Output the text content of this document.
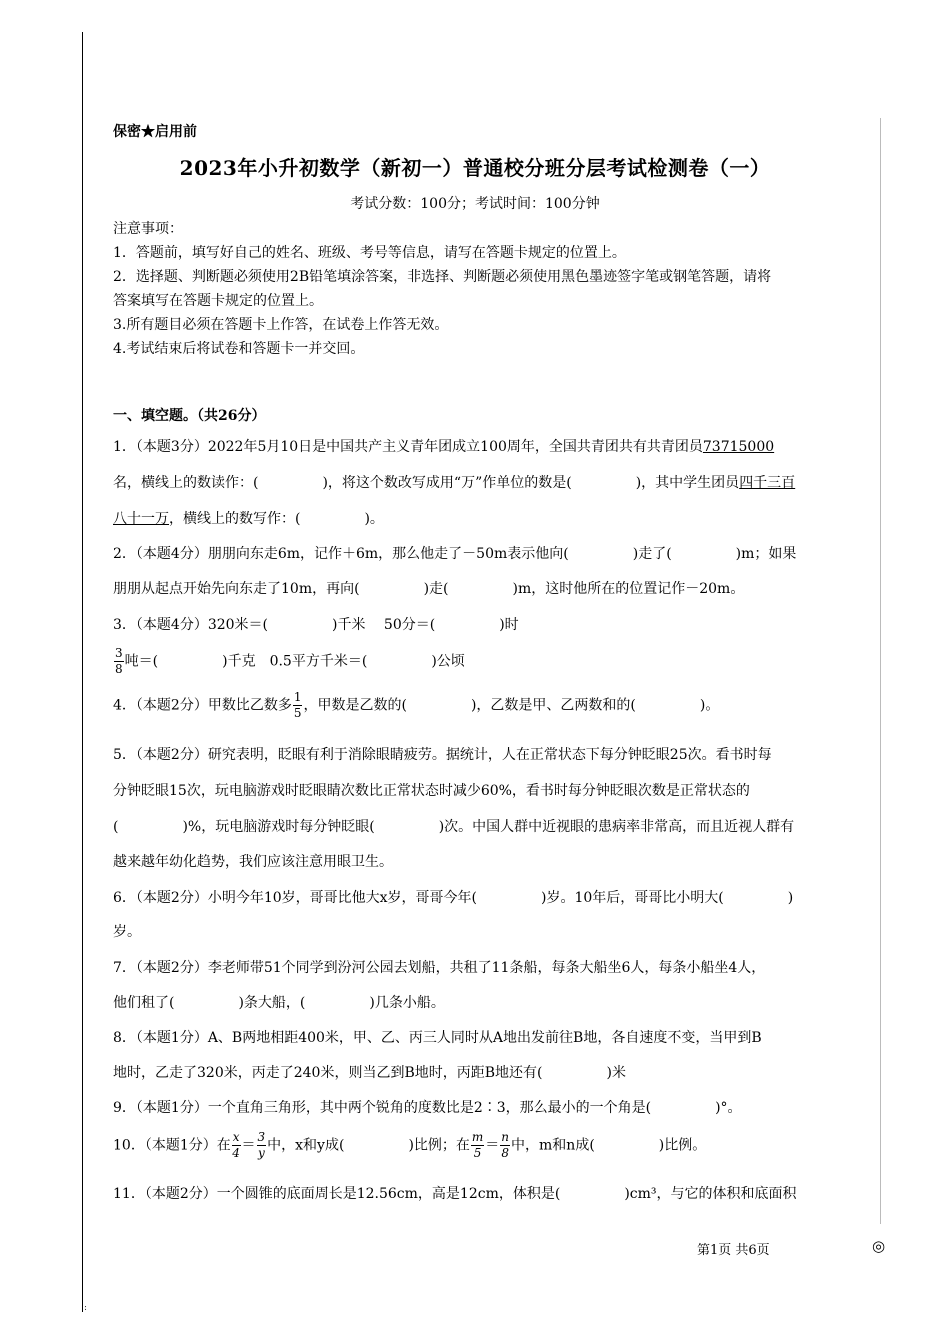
ː
保密★启用前
2023年小升初数学（新初一）普通校分班分层考试检测卷（一）
考试分数：100分；考试时间：100分钟
注意事项：
1．答题前，填写好自己的姓名、班级、考号等信息，请写在答题卡规定的位置上。
2．选择题、判断题必须使用2B铅笔填涂答案，非选择、判断题必须使用黑色墨迹签字笔或钢笔答题，请将
答案填写在答题卡规定的位置上。
3.所有题目必须在答题卡上作答，在试卷上作答无效。
4.考试结束后将试卷和答题卡一并交回。
一、填空题。（共26分）
1．（本题3分）2022年5月10日是中国共产主义青年团成立100周年，全国共青团共有共青团员73715000
名，横线上的数读作：(	)，将这个数改写成用“万”作单位的数是(	)，其中学生团员四千三百
八十一万，横线上的数写作：(	)。
2．（本题4分）朋朋向东走6m，记作＋6m，那么他走了－50m表示他向(	)走了(	)m；如果
朋朋从起点开始先向东走了10m，再向(	)走(	)m，这时他所在的位置记作－20m。
3．（本题4分）320米＝(	)千米　 50分＝(	)时
$\frac{3}{8}$ 吨＝(	)千克　0.5平方千米＝(	)公顷
4．（本题2分）甲数比乙数多 $\frac{1}{5}$ ，甲数是乙数的(	)，乙数是甲、乙两数和的(	)。
5．（本题2分）研究表明，眨眼有利于消除眼睛疲劳。据统计，人在正常状态下每分钟眨眼25次。看书时每
分钟眨眼15次，玩电脑游戏时眨眼睛次数比正常状态时减少60%，看书时每分钟眨眼次数是正常状态的
(	)%，玩电脑游戏时每分钟眨眼(	)次。中国人群中近视眼的患病率非常高，而且近视人群有
越来越年幼化趋势，我们应该注意用眼卫生。
6．（本题2分）小明今年10岁，哥哥比他大x岁，哥哥今年(	)岁。10年后，哥哥比小明大(	)
岁。
7．（本题2分）李老师带51个同学到汾河公园去划船，共租了11条船，每条大船坐6人，每条小船坐4人，
他们租了(	)条大船，(	)几条小船。
8．（本题1分）A、B两地相距400米，甲、乙、丙三人同时从A地出发前往B地，各自速度不变，当甲到B
地时，乙走了320米，丙走了240米，则当乙到B地时，丙距B地还有(	)米
9．（本题1分）一个直角三角形，其中两个锐角的度数比是2∶3，那么最小的一个角是(	)°。
10．（本题1分）在 $\frac{x}{4} = \frac{3}{y}$ 中，x和y成(	)比例；在 $\frac{m}{5} = \frac{n}{8}$ 中，m和n成(	)比例。
11．（本题2分）一个圆锥的底面周长是12.56cm，高是12cm，体积是(	)cm³，与它的体积和底面积
第1页 共6页	◎
